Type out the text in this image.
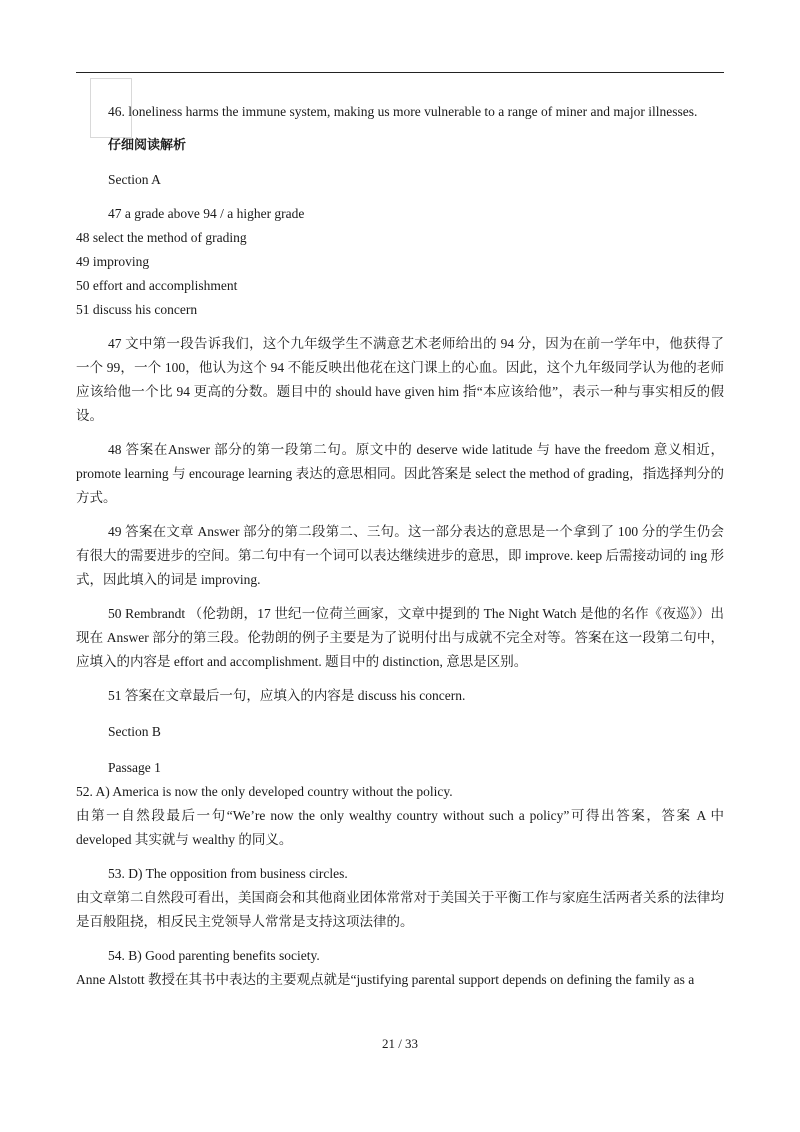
46. loneliness harms the immune system, making us more vulnerable to a range of miner and major illnesses.

仔细阅读解析

Section A

47 a grade above 94 / a higher grade

48 select the method of grading

49 improving

50 effort and accomplishment

51 discuss his concern

47 文中第一段告诉我们，这个九年级学生不满意艺术老师给出的 94 分，因为在前一学年中，他获得了一个 99，一个 100，他认为这个 94 不能反映出他花在这门课上的心血。因此，这个九年级同学认为他的老师应该给他一个比 94 更高的分数。题目中的 should have given him 指“本应该给他”，表示一种与事实相反的假设。

48 答案在Answer 部分的第一段第二句。原文中的 deserve wide latitude 与 have the freedom 意义相近，promote learning 与 encourage learning 表达的意思相同。因此答案是 select the method of grading，指选择判分的方式。

49 答案在文章 Answer 部分的第二段第二、三句。这一部分表达的意思是一个拿到了 100 分的学生仍会有很大的需要进步的空间。第二句中有一个词可以表达继续进步的意思，即 improve. keep 后需接动词的 ing 形式，因此填入的词是 improving.

50 Rembrandt （伦勃朗，17 世纪一位荷兰画家，文章中提到的 The Night Watch 是他的名作《夜巡》）出现在 Answer 部分的第三段。伦勃朗的例子主要是为了说明付出与成就不完全对等。答案在这一段第二句中，应填入的内容是 effort and accomplishment. 题目中的 distinction, 意思是区别。

51 答案在文章最后一句，应填入的内容是 discuss his concern.

Section B

Passage 1

52. A) America is now the only developed country without the policy.

由第一自然段最后一句“We’re now the only wealthy country without such a policy”可得出答案，答案 A 中 developed 其实就与 wealthy 的同义。

53. D) The opposition from business circles.

由文章第二自然段可看出，美国商会和其他商业团体常常对于美国关于平衡工作与家庭生活两者关系的法律均是百般阻挠，相反民主党领导人常常是支持这项法律的。

54. B) Good parenting benefits society.

Anne Alstott 教授在其书中表达的主要观点就是“justifying parental support depends on defining the family as a

21 / 33
